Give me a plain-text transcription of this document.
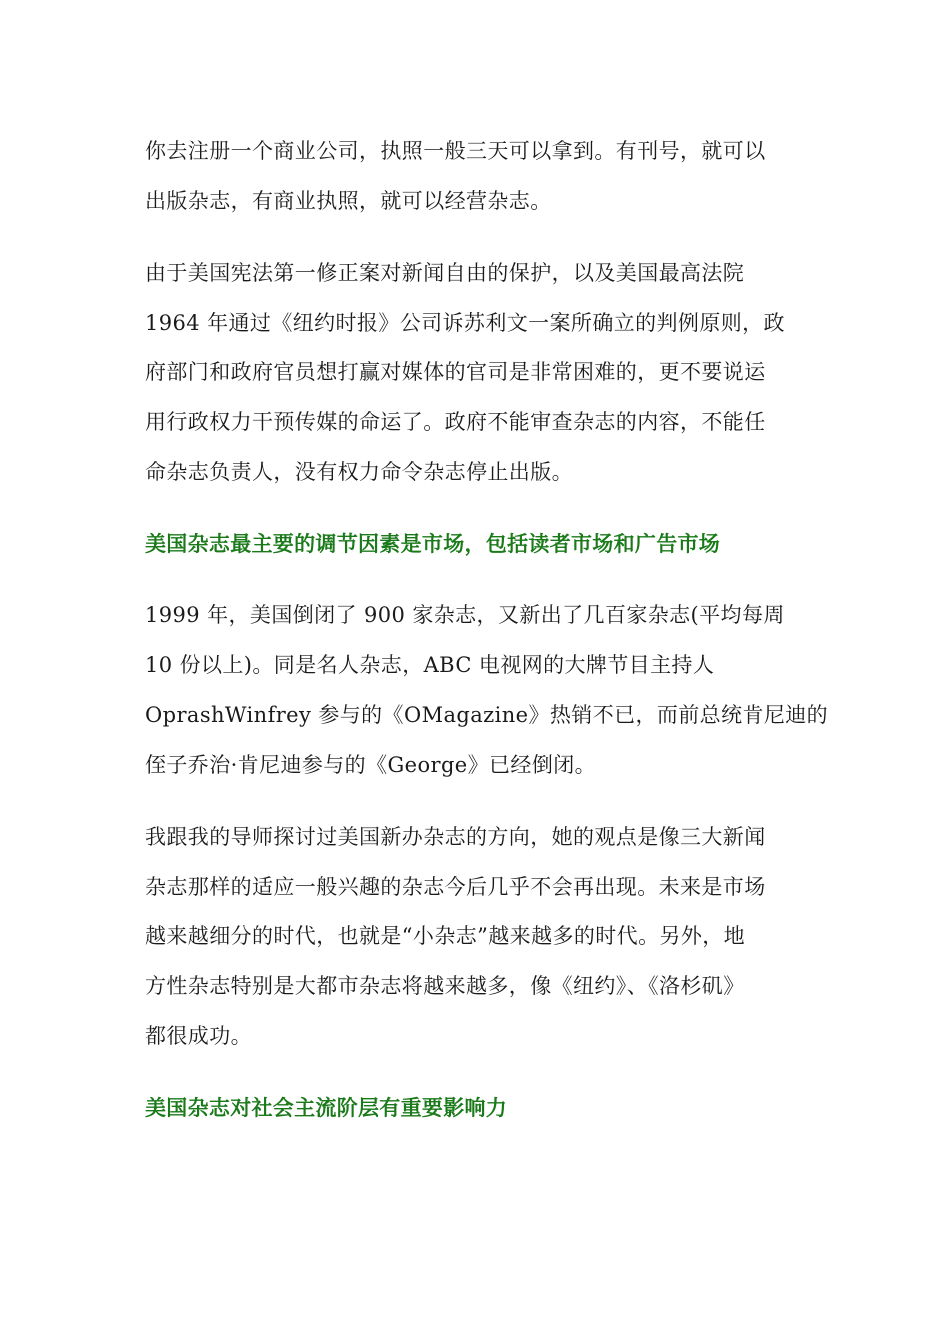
你去注册一个商业公司，执照一般三天可以拿到。有刊号，就可以
出版杂志，有商业执照，就可以经营杂志。
由于美国宪法第一修正案对新闻自由的保护，以及美国最高法院
1964 年通过《纽约时报》公司诉苏利文一案所确立的判例原则，政
府部门和政府官员想打赢对媒体的官司是非常困难的，更不要说运
用行政权力干预传媒的命运了。政府不能审查杂志的内容，不能任
命杂志负责人，没有权力命令杂志停止出版。
美国杂志最主要的调节因素是市场，包括读者市场和广告市场
1999 年，美国倒闭了 900 家杂志，又新出了几百家杂志(平均每周
10 份以上)。同是名人杂志，ABC 电视网的大牌节目主持人
OprashWinfrey 参与的《OMagazine》热销不已，而前总统肯尼迪的
侄子乔治·肯尼迪参与的《George》已经倒闭。
我跟我的导师探讨过美国新办杂志的方向，她的观点是像三大新闻
杂志那样的适应一般兴趣的杂志今后几乎不会再出现。未来是市场
越来越细分的时代，也就是“小杂志”越来越多的时代。另外，地
方性杂志特别是大都市杂志将越来越多，像《纽约》、《洛杉矶》
都很成功。
美国杂志对社会主流阶层有重要影响力
